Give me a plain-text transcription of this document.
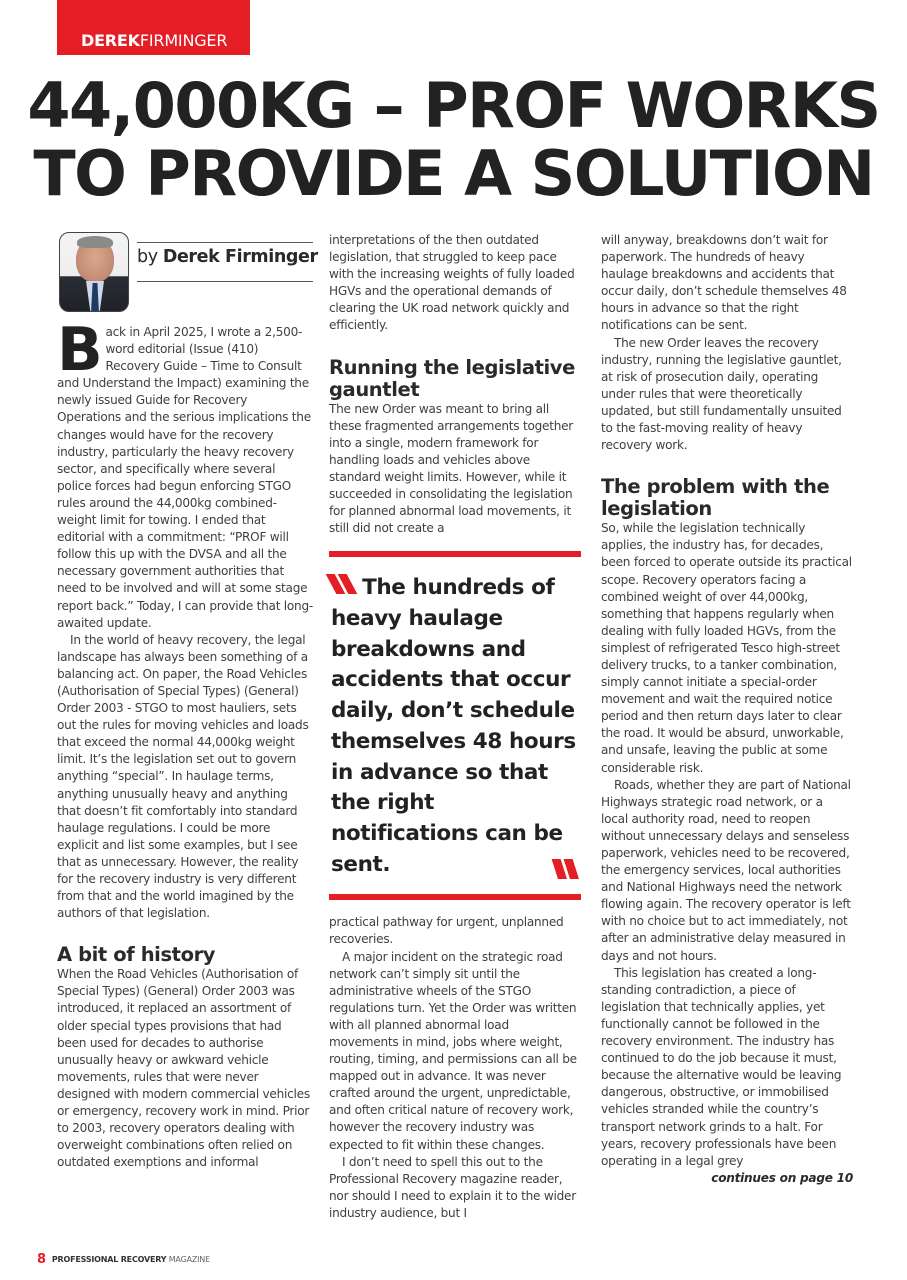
DEREKFIRMINGER
44,000KG – PROF WORKS
TO PROVIDE A SOLUTION
by Derek Firminger

Back in April 2025, I wrote a 2,500-word editorial (Issue (410) Recovery Guide – Time to Consult and Understand the Impact) examining the newly issued Guide for Recovery Operations and the serious implications the changes would have for the recovery industry, particularly the heavy recovery sector, and specifically where several police forces had begun enforcing STGO rules around the 44,000kg combined-weight limit for towing. I ended that editorial with a commitment: “PROF will follow this up with the DVSA and all the necessary government authorities that need to be involved and will at some stage report back.” Today, I can provide that long-awaited update.

In the world of heavy recovery, the legal landscape has always been something of a balancing act. On paper, the Road Vehicles (Authorisation of Special Types) (General) Order 2003 - STGO to most hauliers, sets out the rules for moving vehicles and loads that exceed the normal 44,000kg weight limit. It’s the legislation set out to govern anything “special”. In haulage terms, anything unusually heavy and anything that doesn’t fit comfortably into standard haulage regulations. I could be more explicit and list some examples, but I see that as unnecessary. However, the reality for the recovery industry is very different from that and the world imagined by the authors of that legislation.

A bit of history

When the Road Vehicles (Authorisation of Special Types) (General) Order 2003 was introduced, it replaced an assortment of older special types provisions that had been used for decades to authorise unusually heavy or awkward vehicle movements, rules that were never designed with modern commercial vehicles or emergency, recovery work in mind. Prior to 2003, recovery operators dealing with overweight combinations often relied on outdated exemptions and informal

interpretations of the then outdated legislation, that struggled to keep pace with the increasing weights of fully loaded HGVs and the operational demands of clearing the UK road network quickly and efficiently.

Running the legislative gauntlet

The new Order was meant to bring all these fragmented arrangements together into a single, modern framework for handling loads and vehicles above standard weight limits. However, while it succeeded in consolidating the legislation for planned abnormal load movements, it still did not create a

The hundreds of heavy haulage breakdowns and accidents that occur daily, don’t schedule themselves 48 hours in advance so that the right notifications can be sent.

practical pathway for urgent, unplanned recoveries.

A major incident on the strategic road network can’t simply sit until the administrative wheels of the STGO regulations turn. Yet the Order was written with all planned abnormal load movements in mind, jobs where weight, routing, timing, and permissions can all be mapped out in advance. It was never crafted around the urgent, unpredictable, and often critical nature of recovery work, however the recovery industry was expected to fit within these changes.

I don’t need to spell this out to the Professional Recovery magazine reader, nor should I need to explain it to the wider industry audience, but I

will anyway, breakdowns don’t wait for paperwork. The hundreds of heavy haulage breakdowns and accidents that occur daily, don’t schedule themselves 48 hours in advance so that the right notifications can be sent.

The new Order leaves the recovery industry, running the legislative gauntlet, at risk of prosecution daily, operating under rules that were theoretically updated, but still fundamentally unsuited to the fast-moving reality of heavy recovery work.

The problem with the legislation

So, while the legislation technically applies, the industry has, for decades, been forced to operate outside its practical scope. Recovery operators facing a combined weight of over 44,000kg, something that happens regularly when dealing with fully loaded HGVs, from the simplest of refrigerated Tesco high-street delivery trucks, to a tanker combination, simply cannot initiate a special-order movement and wait the required notice period and then return days later to clear the road. It would be absurd, unworkable, and unsafe, leaving the public at some considerable risk.

Roads, whether they are part of National Highways strategic road network, or a local authority road, need to reopen without unnecessary delays and senseless paperwork, vehicles need to be recovered, the emergency services, local authorities and National Highways need the network flowing again. The recovery operator is left with no choice but to act immediately, not after an administrative delay measured in days and not hours.

This legislation has created a long-standing contradiction, a piece of legislation that technically applies, yet functionally cannot be followed in the recovery environment. The industry has continued to do the job because it must, because the alternative would be leaving dangerous, obstructive, or immobilised vehicles stranded while the country’s transport network grinds to a halt. For years, recovery professionals have been operating in a legal grey

continues on page 10

8 PROFESSIONAL RECOVERY MAGAZINE
